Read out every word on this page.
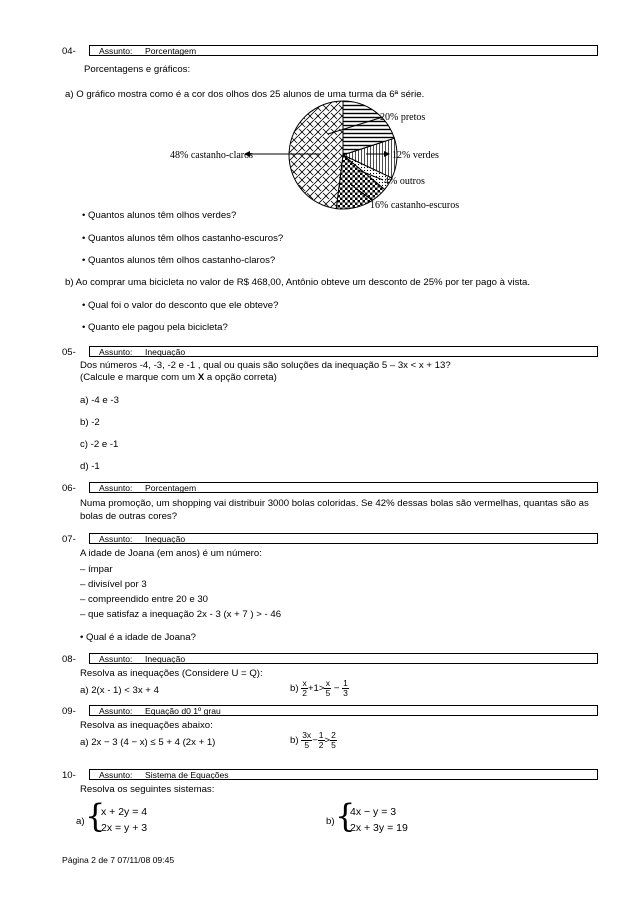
04-	Assunto: Porcentagem
Porcentagens e gráficos:
a) O gráfico mostra como é a cor dos olhos dos 25 alunos de uma turma da 6ª série.
20% pretos
12% verdes
4% outros
16% castanho-escuros
48% castanho-claros
• Quantos alunos têm olhos verdes?
• Quantos alunos têm olhos castanho-escuros?
• Quantos alunos têm olhos castanho-claros?
b) Ao comprar uma bicicleta no valor de R$ 468,00, Antônio obteve um desconto de 25% por ter pago à vista.
• Qual foi o valor do desconto que ele obteve?
• Quanto ele pagou pela bicicleta?
05-	Assunto: Inequação
Dos números -4, -3, -2 e -1 , qual ou quais são soluções da inequação 5 – 3x < x + 13?
(Calcule e marque com um X a opção correta)
a) -4 e -3
b) -2
c) -2 e -1
d) -1
06-	Assunto: Porcentagem
Numa promoção, um shopping vai distribuir 3000 bolas coloridas. Se 42% dessas bolas são vermelhas, quantas são as
bolas de outras cores?
07-	Assunto: Inequação
A idade de Joana (em anos) é um número:
– ímpar
– divisível por 3
– compreendido entre 20 e 30
– que satisfaz a inequação 2x - 3 (x + 7 ) > - 46
• Qual é a idade de Joana?
08-	Assunto: Inequação
Resolva as inequações (Considere U = Q):
a) 2(x - 1) < 3x + 4	$b) \frac{x}{2} +1> \frac{x}{5} - \frac{1}{3}$
09-	Assunto: Equação d0 1º grau
Resolva as inequações abaixo:
a) 2x − 3 (4 − x) ≤ 5 + 4 (2x + 1)	$b) \frac{3x}{5} - \frac{1}{2} > \frac{2}{5}$
10-	Assunto: Sistema de Equações
Resolva os seguintes sistemas:
a) {
x + 2y = 4
2x = y + 3
b) {
4x − y = 3
2x + 3y = 19
Página 2 de 7 07/11/08 09:45
